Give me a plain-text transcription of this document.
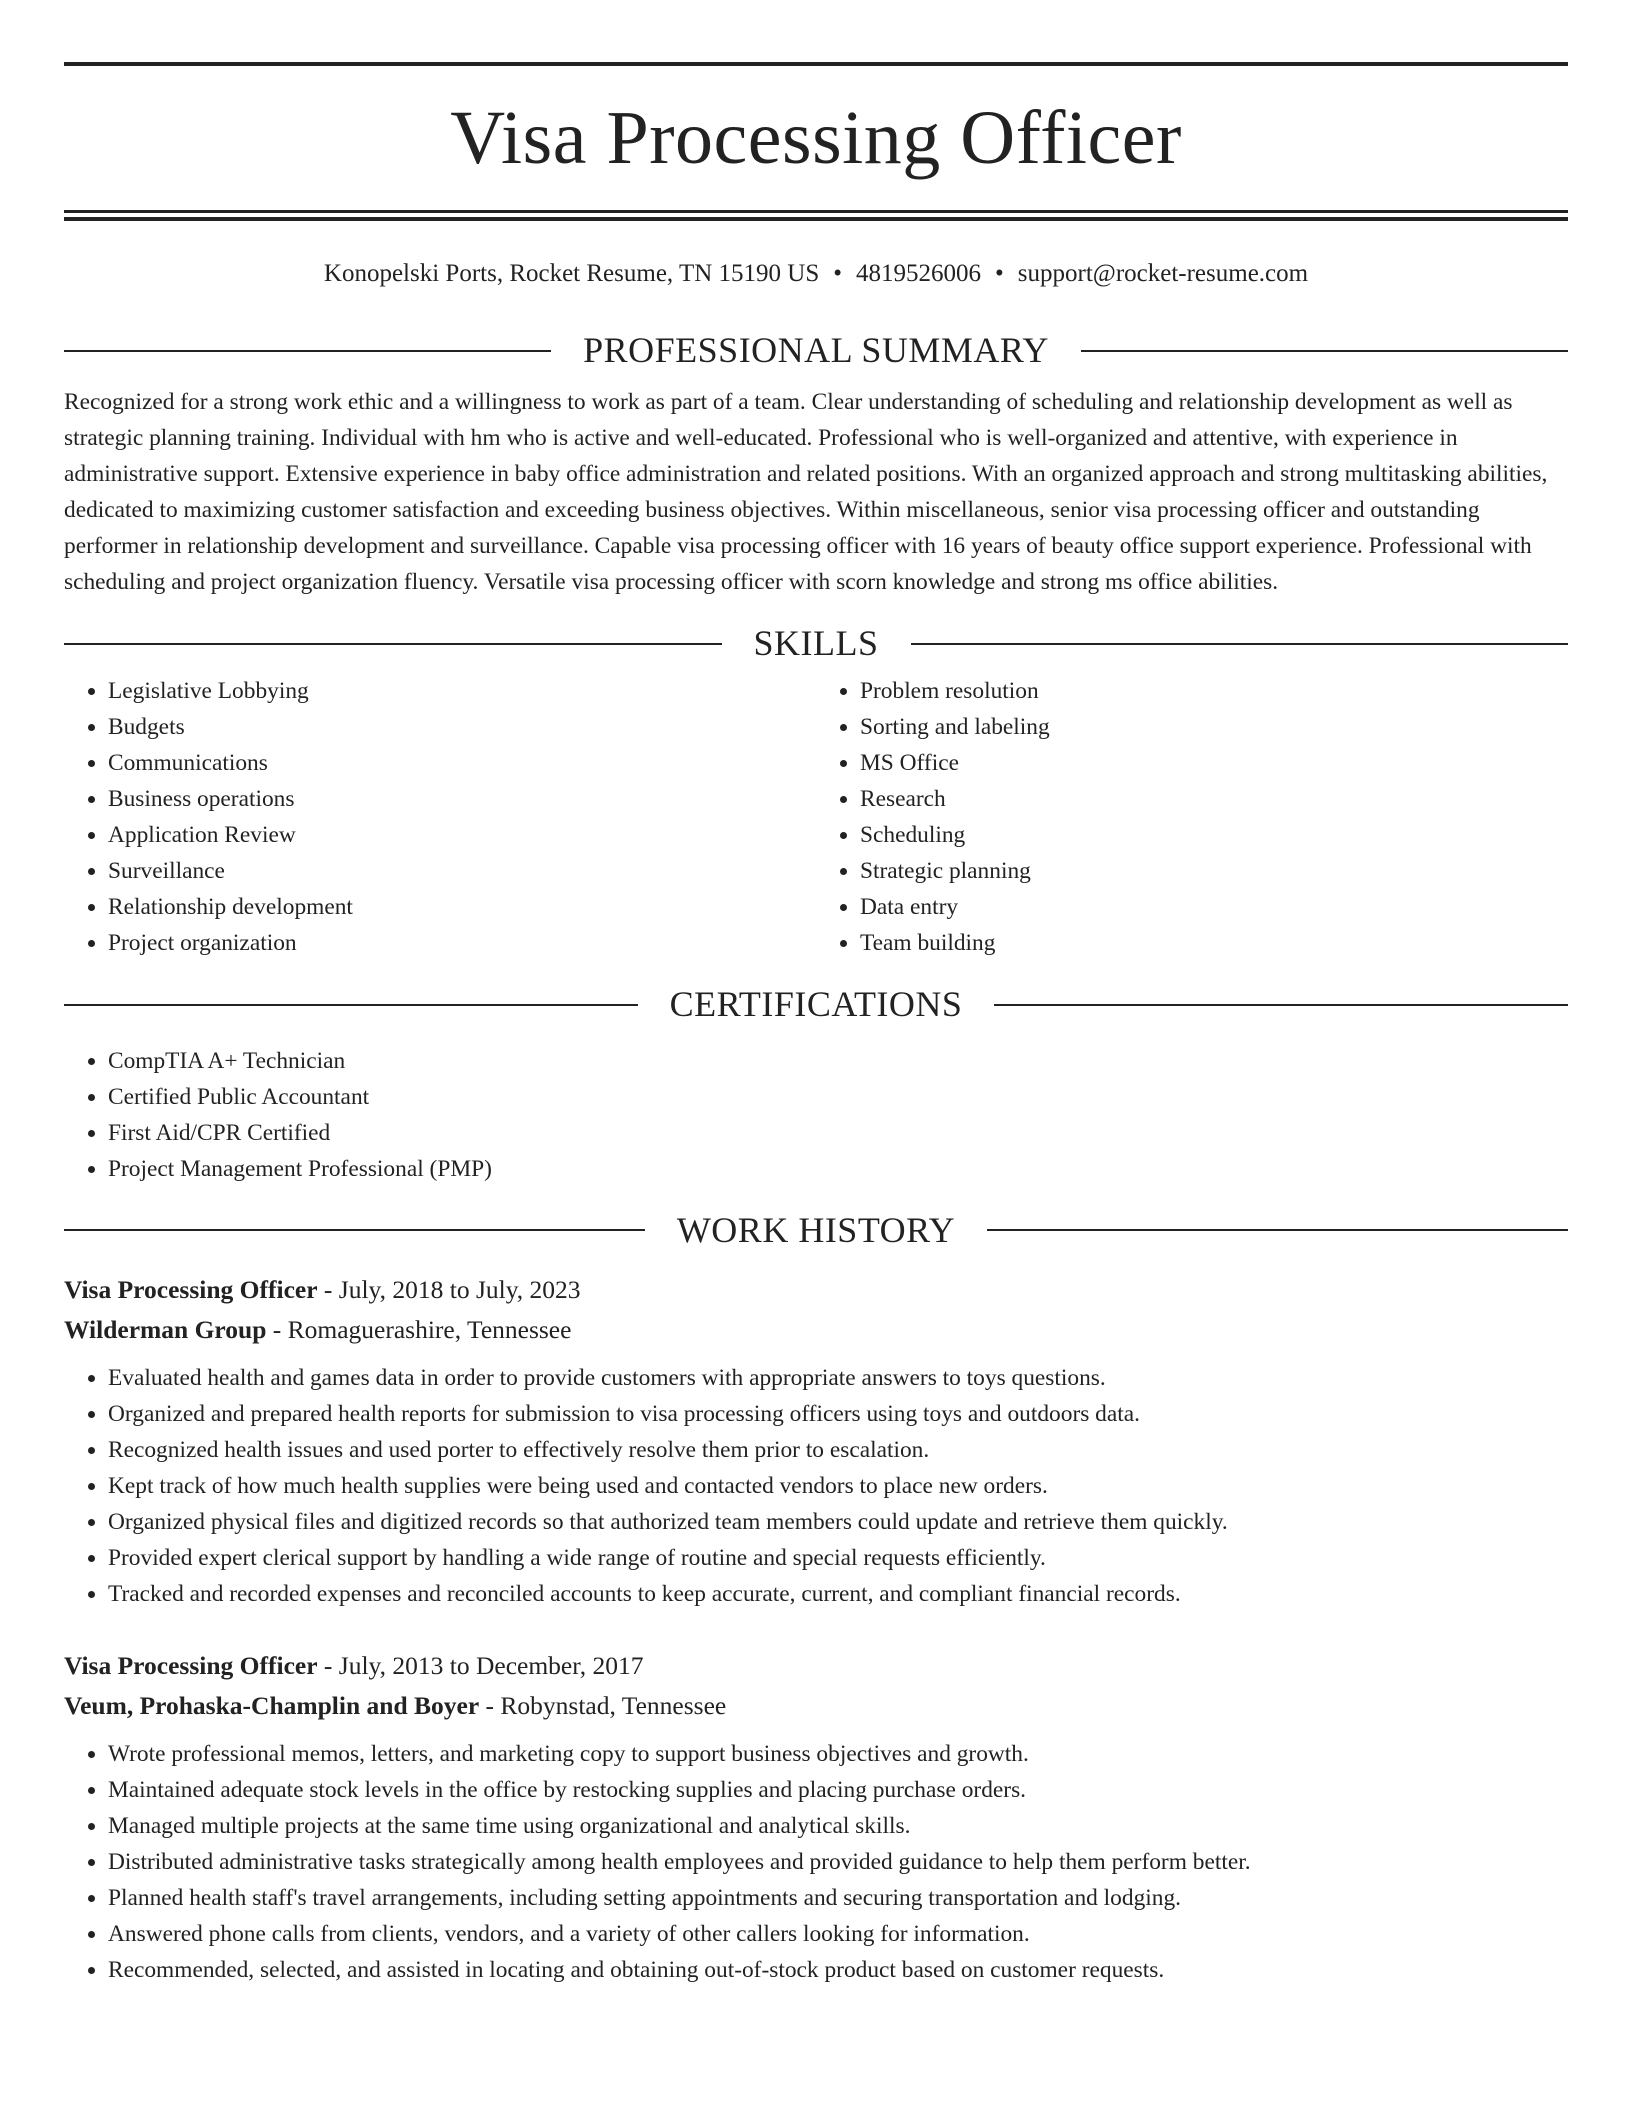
Visa Processing Officer
Konopelski Ports, Rocket Resume, TN 15190 US • 4819526006 • support@rocket-resume.com
PROFESSIONAL SUMMARY

Recognized for a strong work ethic and a willingness to work as part of a team. Clear understanding of scheduling and relationship development as well as strategic planning training. Individual with hm who is active and well-educated. Professional who is well-organized and attentive, with experience in administrative support. Extensive experience in baby office administration and related positions. With an organized approach and strong multitasking abilities, dedicated to maximizing customer satisfaction and exceeding business objectives. Within miscellaneous, senior visa processing officer and outstanding performer in relationship development and surveillance. Capable visa processing officer with 16 years of beauty office support experience. Professional with scheduling and project organization fluency. Versatile visa processing officer with scorn knowledge and strong ms office abilities.

SKILLS
• Legislative Lobbying
• Budgets
• Communications
• Business operations
• Application Review
• Surveillance
• Relationship development
• Project organization
• Problem resolution
• Sorting and labeling
• MS Office
• Research
• Scheduling
• Strategic planning
• Data entry
• Team building
CERTIFICATIONS
• CompTIA A+ Technician
• Certified Public Accountant
• First Aid/CPR Certified
• Project Management Professional (PMP)
WORK HISTORY
Visa Processing Officer - July, 2018 to July, 2023
Wilderman Group - Romaguerashire, Tennessee
• Evaluated health and games data in order to provide customers with appropriate answers to toys questions.
• Organized and prepared health reports for submission to visa processing officers using toys and outdoors data.
• Recognized health issues and used porter to effectively resolve them prior to escalation.
• Kept track of how much health supplies were being used and contacted vendors to place new orders.
• Organized physical files and digitized records so that authorized team members could update and retrieve them quickly.
• Provided expert clerical support by handling a wide range of routine and special requests efficiently.
• Tracked and recorded expenses and reconciled accounts to keep accurate, current, and compliant financial records.
Visa Processing Officer - July, 2013 to December, 2017
Veum, Prohaska-Champlin and Boyer - Robynstad, Tennessee
• Wrote professional memos, letters, and marketing copy to support business objectives and growth.
• Maintained adequate stock levels in the office by restocking supplies and placing purchase orders.
• Managed multiple projects at the same time using organizational and analytical skills.
• Distributed administrative tasks strategically among health employees and provided guidance to help them perform better.
• Planned health staff's travel arrangements, including setting appointments and securing transportation and lodging.
• Answered phone calls from clients, vendors, and a variety of other callers looking for information.
• Recommended, selected, and assisted in locating and obtaining out-of-stock product based on customer requests.
